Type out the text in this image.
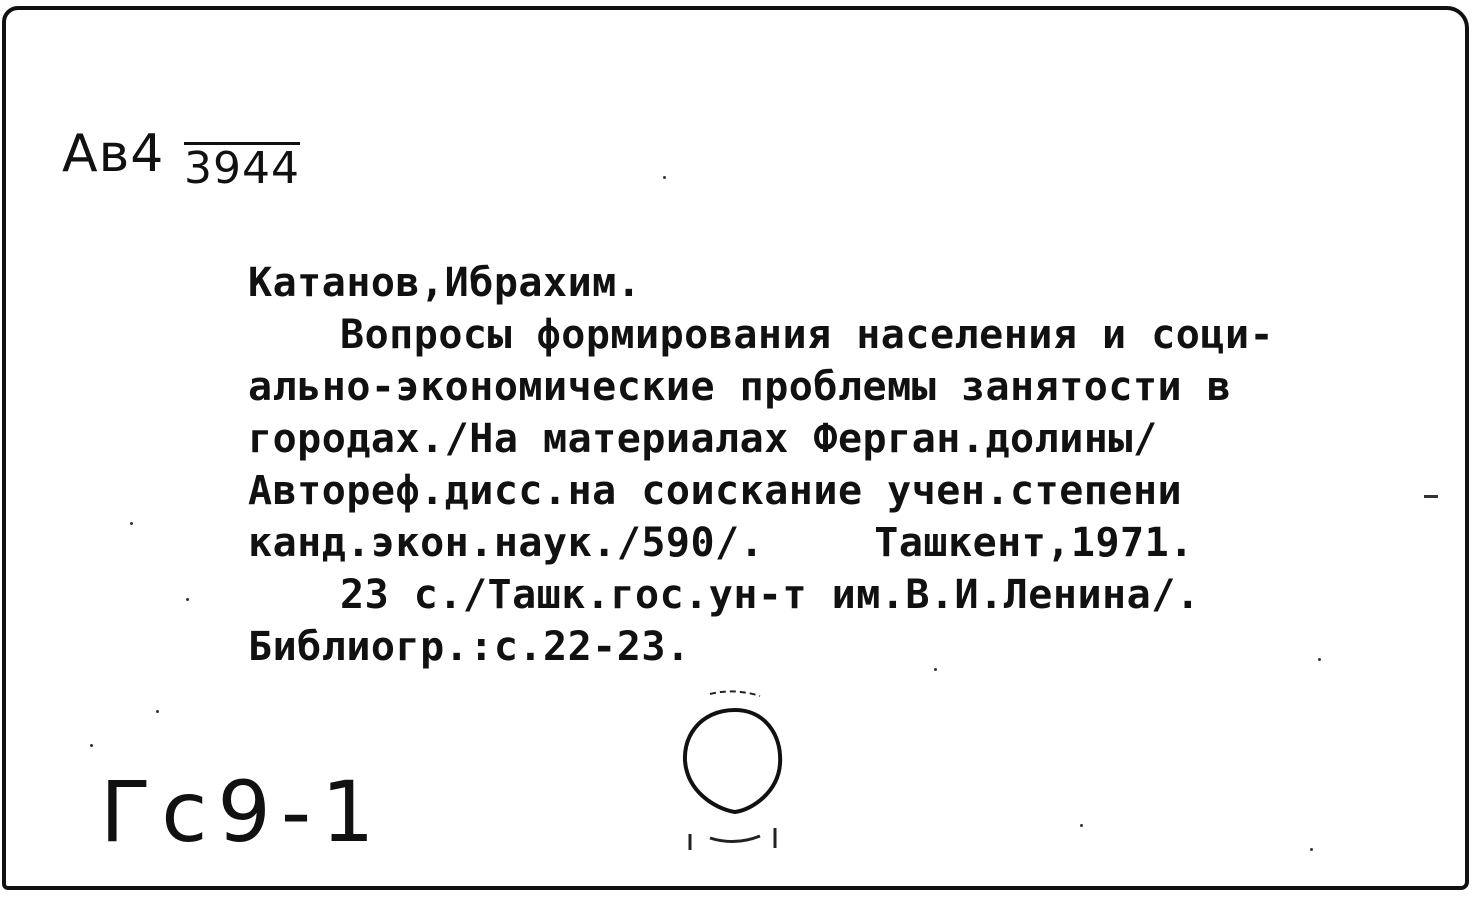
Ав4 3944
Катанов,Ибрахим.
Вопросы формирования населения и соци-
ально-экономические проблемы занятости в
городах./На материалах Ферган.долины/
Автореф.дисс.на соискание учен.степени
канд.экон.наук./590/.	Ташкент,1971.
23 с./Ташк.гос.ун-т им.В.И.Ленина/.
Библиогр.:с.22-23.
Гс9-1
